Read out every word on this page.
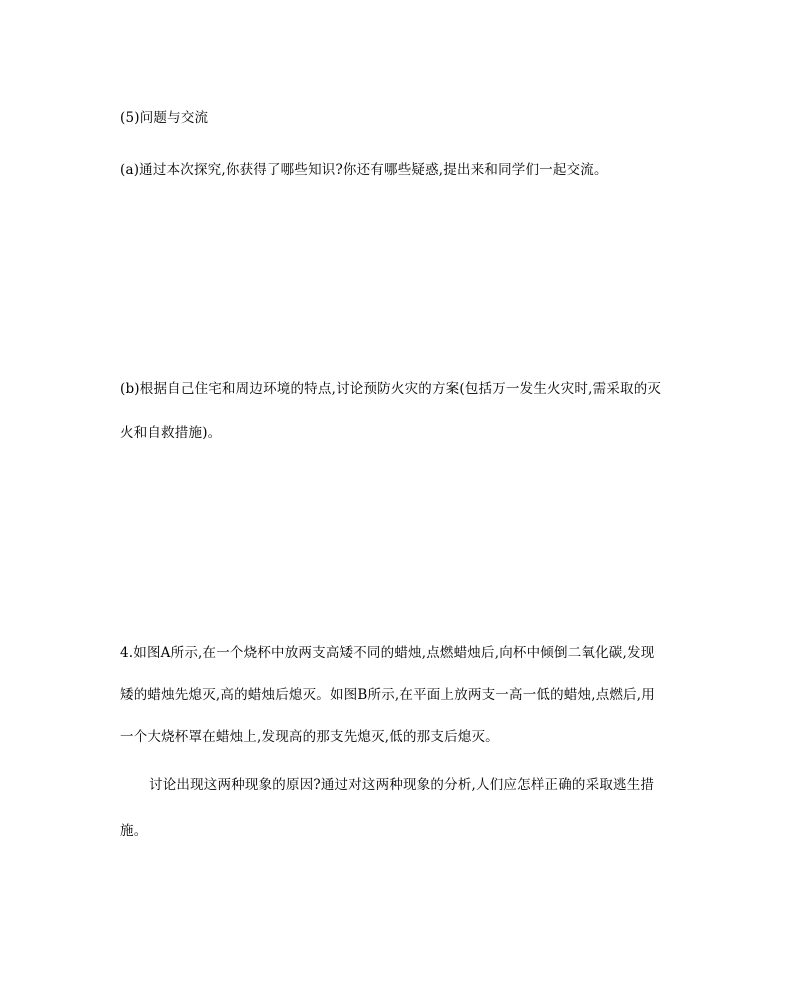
(5)问题与交流
(a)通过本次探究,你获得了哪些知识?你还有哪些疑惑,提出来和同学们一起交流。
(b)根据自己住宅和周边环境的特点,讨论预防火灾的方案(包括万一发生火灾时,需采取的灭
火和自救措施)。
4.如图A所示,在一个烧杯中放两支高矮不同的蜡烛,点燃蜡烛后,向杯中倾倒二氧化碳,发现
矮的蜡烛先熄灭,高的蜡烛后熄灭。如图B所示,在平面上放两支一高一低的蜡烛,点燃后,用
一个大烧杯罩在蜡烛上,发现高的那支先熄灭,低的那支后熄灭。
讨论出现这两种现象的原因?通过对这两种现象的分析,人们应怎样正确的采取逃生措
施。
